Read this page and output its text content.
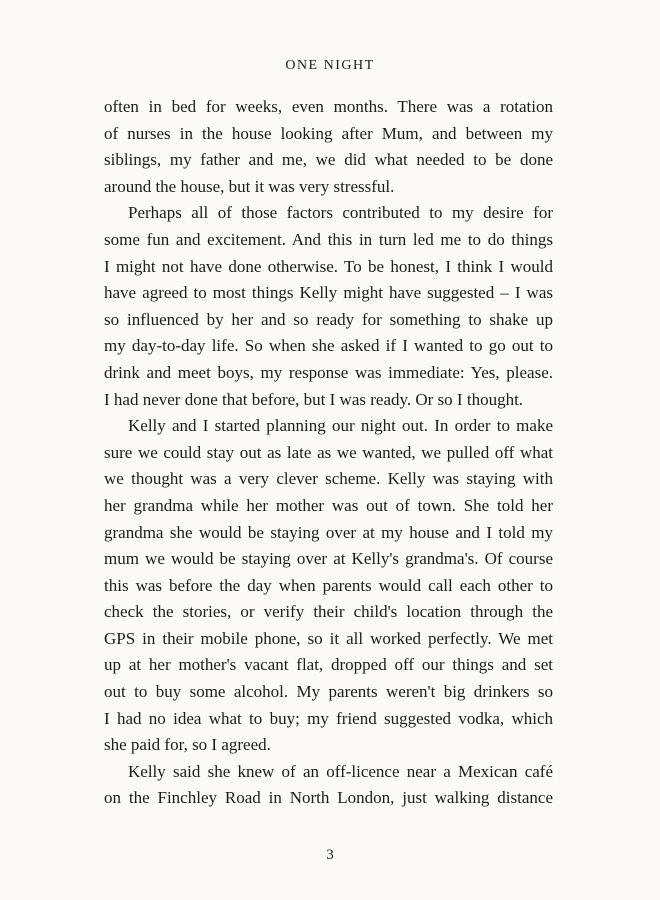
ONE NIGHT

often in bed for weeks, even months. There was a rotation
of nurses in the house looking after Mum, and between my
siblings, my father and me, we did what needed to be done
around the house, but it was very stressful.

Perhaps all of those factors contributed to my desire for
some fun and excitement. And this in turn led me to do things
I might not have done otherwise. To be honest, I think I would
have agreed to most things Kelly might have suggested – I was
so influenced by her and so ready for something to shake up
my day-to-day life. So when she asked if I wanted to go out to
drink and meet boys, my response was immediate: Yes, please.
I had never done that before, but I was ready. Or so I thought.

Kelly and I started planning our night out. In order to make
sure we could stay out as late as we wanted, we pulled off what
we thought was a very clever scheme. Kelly was staying with
her grandma while her mother was out of town. She told her
grandma she would be staying over at my house and I told my
mum we would be staying over at Kelly's grandma's. Of course
this was before the day when parents would call each other to
check the stories, or verify their child's location through the
GPS in their mobile phone, so it all worked perfectly. We met
up at her mother's vacant flat, dropped off our things and set
out to buy some alcohol. My parents weren't big drinkers so
I had no idea what to buy; my friend suggested vodka, which
she paid for, so I agreed.

Kelly said she knew of an off-licence near a Mexican café
on the Finchley Road in North London, just walking distance

3
